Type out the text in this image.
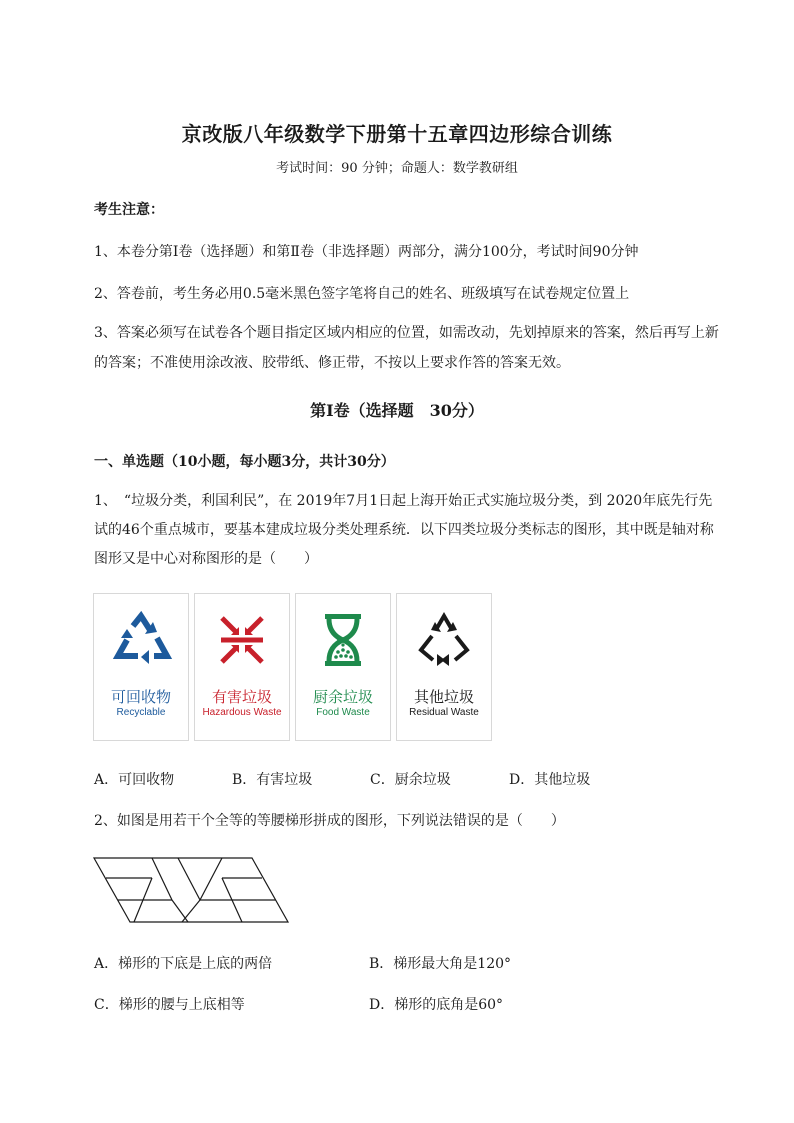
京改版八年级数学下册第十五章四边形综合训练
考试时间：90 分钟；命题人：数学教研组
考生注意：
1、本卷分第Ⅰ卷（选择题）和第Ⅱ卷（非选择题）两部分，满分100分，考试时间90分钟
2、答卷前，考生务必用0.5毫米黑色签字笔将自己的姓名、班级填写在试卷规定位置上
3、答案必须写在试卷各个题目指定区域内相应的位置，如需改动，先划掉原来的答案，然后再写上新的答案；不准使用涂改液、胶带纸、修正带，不按以上要求作答的答案无效。
第Ⅰ卷（选择题　30分）
一、单选题（10小题，每小题3分，共计30分）
1、　“垃圾分类，利国利民”，在 2019年7月1日起上海开始正式实施垃圾分类，到 2020年底先行先试的46个重点城市，要基本建成垃圾分类处理系统．以下四类垃圾分类标志的图形，其中既是轴对称图形又是中心对称图形的是（　　）
可回收物
Recyclable
有害垃圾
Hazardous Waste
厨余垃圾
Food Waste
其他垃圾
Residual Waste
A．可回收物	B．有害垃圾	C．厨余垃圾	D．其他垃圾
2、如图是用若干个全等的等腰梯形拼成的图形，下列说法错误的是（　　）
A．梯形的下底是上底的两倍	B．梯形最大角是120°
C．梯形的腰与上底相等	D．梯形的底角是60°
